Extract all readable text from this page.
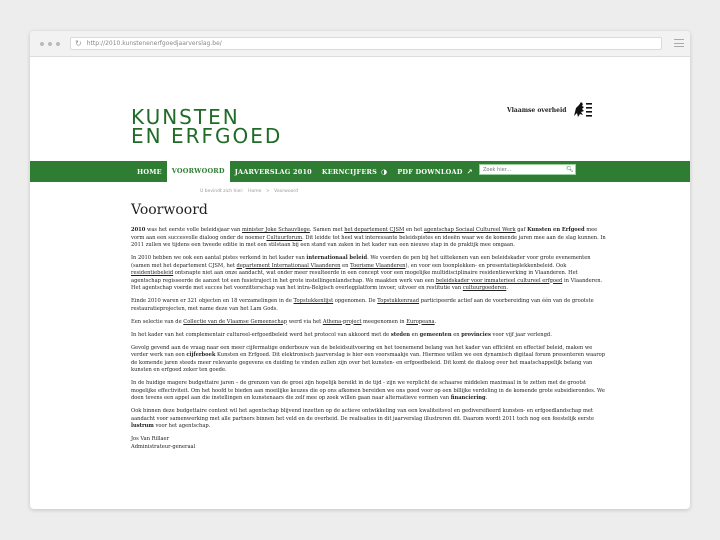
↻ http://2010.kunstenenerfgoedjaarverslag.be/
KUNSTEN
EN ERFGOED
Vlaamse overheid
HOME	VOORWOORD	JAARVERSLAG 2010	KERNCIJFERS ◑ PDF DOWNLOAD ↗
Zoek hier...	🔍︎
U bevindt zich hier: Home > Voorwoord
Voorwoord

2010 was het eerste volle beleidsjaar van minister Joke Schauvliege. Samen met het departement CJSM en het agentschap Sociaal Cultureel Werk gaf Kunsten en Erfgoed mee vorm aan een succesvolle dialoog onder de noemer Cultuurforum. Dit leidde tot heel wat interessante beleidspistes en ideeën waar we de komende jaren mee aan de slag kunnen. In 2011 zullen we tijdens een tweede editie in met een stilstaan bij een stand van zaken in het kader van een nieuwe stap in de praktijk mee omgaan.

In 2010 hebben we ook een aantal pistes verkend in het kader van internationaal beleid. We voerden de pen bij het uittekenen van een beleidskader voor grote evenementen (samen met het departement CJSM, het departement Internationaal Vlaanderen en Toerisme Vlaanderen), en voor een toonplekken- en presentatieplekkenbeleid. Ook residentiebeleid ontsnapte niet aan onze aandacht, wat onder meer resulteerde in een concept voor een mogelijke multidisciplinaire residentiewerking in Vlaanderen. Het agentschap regisseerde de aanzet tot een fusietraject in het grote instellingenlandschap. We maakten werk van een beleidskader voor immaterieel cultureel erfgoed in Vlaanderen. Het agentschap voerde met succes het voorzitterschap van het intra-Belgisch overlegplatform invoer, uitvoer en restitutie van cultuurgoederen.

Einde 2010 waren er 321 objecten en 18 verzamelingen in de Topstukkenlijst opgenomen. De Topstukkenraad participeerde actief aan de voorbereiding van één van de grootste restauratieprojecten, met name deze van het Lam Gods.

Een selectie van de Collectie van de Vlaamse Gemeenschap werd via het Athena-project meegenomen in Europeana.

In het kader van het complementair cultureel-erfgoedbeleid werd het protocol van akkoord met de steden en gemeenten en provincies voor vijf jaar verlengd.

Gevolg gevend aan de vraag naar een meer cijfermatige onderbouw van de beleidsuitvoering en het toenemend belang van het kader van efficiënt en effectief beleid, maken we verder werk van een cijferboek Kunsten en Erfgoed. Dit elektronisch jaarverslag is hier een voorsmaakje van. Hiermee willen we een dynamisch digitaal forum presenteren waarop de komende jaren steeds meer relevante gegevens en duiding te vinden zullen zijn over het kunsten- en erfgoedbeleid. Dit komt de dialoog over het maatschappelijk belang van kunsten en erfgoed zeker ten goede.

In de huidige magere budgettaire jaren – de grenzen van de groei zijn hopelijk bereikt in de tijd - zijn we verplicht de schaarse middelen maximaal in te zetten met de grootst mogelijke effectiviteit. Om het hoofd te bieden aan moeilijke keuzes die op ons afkomen bereiden we ons goed voor op een billijke verdeling in de komende grote subsidierondes. We doen tevens een appel aan die instellingen en kunstenaars die zelf mee op zoek willen gaan naar alternatieve vormen van financiering.

Ook binnen deze budgettaire context wil het agentschap blijvend inzetten op de actieve ontwikkeling van een kwaliteitsvol en gediversifieerd kunsten- en erfgoedlandschap met aandacht voor samenwerking met alle partners binnen het veld en de overheid. De realisaties in dit jaarverslag illustreren dit. Daarom wordt 2011 toch nog een feestelijk eerste lustrum voor het agentschap.

Jos Van Rillaer
Administrateur-generaal
